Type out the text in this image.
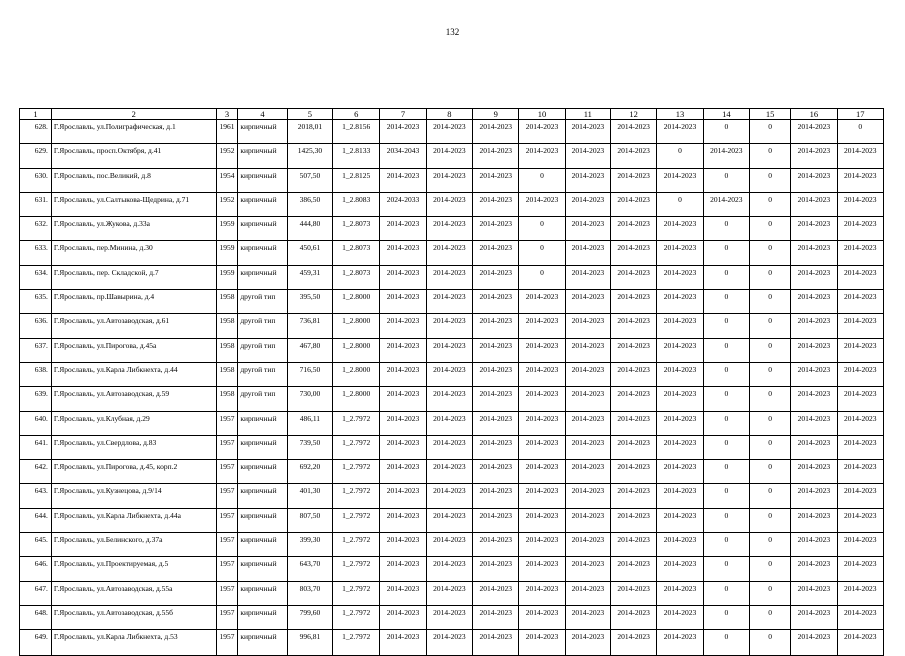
132
1	2	3	4	5	6	7	8	9	10	11	12	13	14	15	16	17
628.	Г.Ярославль, ул.Полиграфическая, д.1	1961	кирпичный	2018,01	1_2.8156	2014-2023	2014-2023	2014-2023	2014-2023	2014-2023	2014-2023	2014-2023	0	0	2014-2023	0
629.	Г.Ярославль, просп.Октября, д.41	1952	кирпичный	1425,30	1_2.8133	2034-2043	2014-2023	2014-2023	2014-2023	2014-2023	2014-2023	0	2014-2023	0	2014-2023	2014-2023
630.	Г.Ярославль, пос.Великий, д.8	1954	кирпичный	507,50	1_2.8125	2014-2023	2014-2023	2014-2023	0	2014-2023	2014-2023	2014-2023	0	0	2014-2023	2014-2023
631.	Г.Ярославль, ул.Салтыкова-Щедрина, д.71	1952	кирпичный	386,50	1_2.8083	2024-2033	2014-2023	2014-2023	2014-2023	2014-2023	2014-2023	0	2014-2023	0	2014-2023	2014-2023
632.	Г.Ярославль, ул.Жукова, д.33а	1959	кирпичный	444,80	1_2.8073	2014-2023	2014-2023	2014-2023	0	2014-2023	2014-2023	2014-2023	0	0	2014-2023	2014-2023
633.	Г.Ярославль, пер.Минина, д.30	1959	кирпичный	450,61	1_2.8073	2014-2023	2014-2023	2014-2023	0	2014-2023	2014-2023	2014-2023	0	0	2014-2023	2014-2023
634.	Г.Ярославль, пер. Складской, д.7	1959	кирпичный	459,31	1_2.8073	2014-2023	2014-2023	2014-2023	0	2014-2023	2014-2023	2014-2023	0	0	2014-2023	2014-2023
635.	Г.Ярославль, пр.Шавырина, д.4	1958	другой тип	395,50	1_2.8000	2014-2023	2014-2023	2014-2023	2014-2023	2014-2023	2014-2023	2014-2023	0	0	2014-2023	2014-2023
636.	Г.Ярославль, ул.Автозаводская, д.61	1958	другой тип	736,81	1_2.8000	2014-2023	2014-2023	2014-2023	2014-2023	2014-2023	2014-2023	2014-2023	0	0	2014-2023	2014-2023
637.	Г.Ярославль, ул.Пирогова, д.45а	1958	другой тип	467,80	1_2.8000	2014-2023	2014-2023	2014-2023	2014-2023	2014-2023	2014-2023	2014-2023	0	0	2014-2023	2014-2023
638.	Г.Ярославль, ул.Карла Либкнехта, д.44	1958	другой тип	716,50	1_2.8000	2014-2023	2014-2023	2014-2023	2014-2023	2014-2023	2014-2023	2014-2023	0	0	2014-2023	2014-2023
639.	Г.Ярославль, ул.Автозаводская, д.59	1958	другой тип	730,00	1_2.8000	2014-2023	2014-2023	2014-2023	2014-2023	2014-2023	2014-2023	2014-2023	0	0	2014-2023	2014-2023
640.	Г.Ярославль, ул.Клубная, д.29	1957	кирпичный	486,11	1_2.7972	2014-2023	2014-2023	2014-2023	2014-2023	2014-2023	2014-2023	2014-2023	0	0	2014-2023	2014-2023
641.	Г.Ярославль, ул.Свердлова, д.83	1957	кирпичный	739,50	1_2.7972	2014-2023	2014-2023	2014-2023	2014-2023	2014-2023	2014-2023	2014-2023	0	0	2014-2023	2014-2023
642.	Г.Ярославль, ул.Пирогова, д.45, корп.2	1957	кирпичный	692,20	1_2.7972	2014-2023	2014-2023	2014-2023	2014-2023	2014-2023	2014-2023	2014-2023	0	0	2014-2023	2014-2023
643.	Г.Ярославль, ул.Кузнецова, д.9/14	1957	кирпичный	401,30	1_2.7972	2014-2023	2014-2023	2014-2023	2014-2023	2014-2023	2014-2023	2014-2023	0	0	2014-2023	2014-2023
644.	Г.Ярославль, ул.Карла Либкнехта, д.44а	1957	кирпичный	807,50	1_2.7972	2014-2023	2014-2023	2014-2023	2014-2023	2014-2023	2014-2023	2014-2023	0	0	2014-2023	2014-2023
645.	Г.Ярославль, ул.Белинского, д.37а	1957	кирпичный	399,30	1_2.7972	2014-2023	2014-2023	2014-2023	2014-2023	2014-2023	2014-2023	2014-2023	0	0	2014-2023	2014-2023
646.	Г.Ярославль, ул.Проектируемая, д.5	1957	кирпичный	643,70	1_2.7972	2014-2023	2014-2023	2014-2023	2014-2023	2014-2023	2014-2023	2014-2023	0	0	2014-2023	2014-2023
647.	Г.Ярославль, ул.Автозаводская, д.55а	1957	кирпичный	803,70	1_2.7972	2014-2023	2014-2023	2014-2023	2014-2023	2014-2023	2014-2023	2014-2023	0	0	2014-2023	2014-2023
648.	Г.Ярославль, ул.Автозаводская, д.55б	1957	кирпичный	799,60	1_2.7972	2014-2023	2014-2023	2014-2023	2014-2023	2014-2023	2014-2023	2014-2023	0	0	2014-2023	2014-2023
649.	Г.Ярославль, ул.Карла Либкнехта, д.53	1957	кирпичный	996,81	1_2.7972	2014-2023	2014-2023	2014-2023	2014-2023	2014-2023	2014-2023	2014-2023	0	0	2014-2023	2014-2023
